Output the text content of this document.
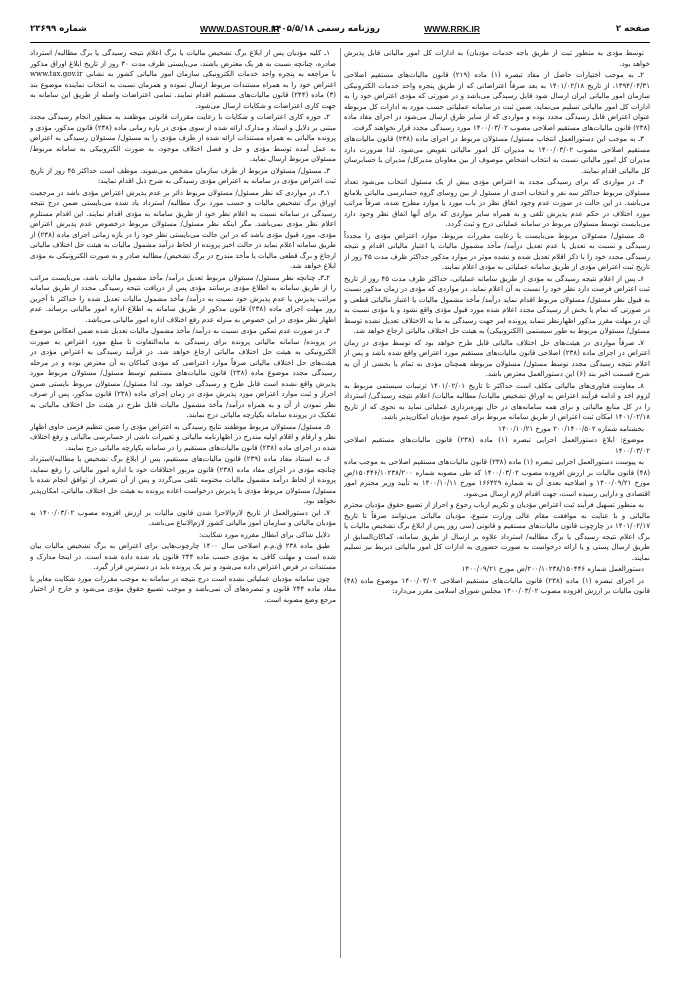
صفحه ۲
WWW.RRK.IR
روزنامه رسمی ۱۴۰۵/۵/۱۸
WWW.DASTOUR.IR
شماره ۲۳۶۹۹

توسط مؤدی به منظور ثبت از طریق باجه خدمات مؤدیان) به ادارات کل امور مالیاتی قابل پذیرش خواهد بود.

۲ـ به موجب اختیارات حاصل از مفاد تبصره (۱) ماده (۲۱۹) قانون مالیات‌های مستقیم اصلاحی ۱۳۹۴/۰۴/۳۱، از تاریخ ۱۴۰۱/۰۲/۱۸ به بعد صرفاً اعتراضاتی که از طریق پنجره واحد خدمات الکترونیکی سازمان امور مالیاتی ایران ارسال شود قابل رسیدگی می‌باشد و در صورتی که مؤدی اعتراض خود را به ادارات کل امور مالیاتی تسلیم می‌نماید، ضمن ثبت در سامانه عملیاتی حسب مورد به ادارات کل مربوطه عنوان اعتراض قابل رسیدگی مجدد بوده و مواردی که از سایر طرق ارسال می‌شود در اجرای مقاد ماده (۲۳۸) قانون مالیات‌های مستقیم اصلاحی مصوب ۱۴۰۰/۰۳/۰۲ مورد رسیدگی مجدد قرار نخواهند گرفت.

۳ـ به موجب این دستورالعمل انتخاب مسئول/ مسئولان مربوط در اجرای ماده (۲۳۸) قانون مالیات‌های مستقیم اصلاحی مصوب ۱۴۰۰/۰۳/۰۲ به مدیران کل امور مالیاتی تفویض می‌شود. لذا ضرورت دارد مدیران کل امور مالیاتی نسبت به انتخاب اشخاص موصوف از بین معاونان مدیرکل/ مدیران یا حسابرسان کل مالیاتی اقدام نمایند.

۴ـ در مواردی که برای رسیدگی مجدد به اعتراض مؤدی بیش از یک مسئول انتخاب می‌شود تعداد مسئولان مربوط حداکثر سه نفر و انتخاب احدی از مسئول از بین روسای گروه حسابرسی مالیاتی بلامانع می‌باشد. در این حالت در صورت عدم وجود اتفاق نظر در باب مورد یا موارد مطرح شده، صرفاً مراتب مورد اختلاف در حکم عدم پذیرش تلقی و به همراه سایر مواردی که برای آنها اتفاق نظر وجود دارد می‌بایست توسط مسئولان مربوط در سامانه عملیاتی درج و ثبت گردد.

۵ـ مسئول/ مسئولان مربوط می‌بایست با رعایت مقررات مربوط، موارد اعتراض مؤدی را مجدداً رسیدگی و نسبت به تعدیل یا عدم تعدیل درآمد/ مأخذ مشمول مالیات یا اعتبار مالیاتی اقدام و نتیجه رسیدگی مجدد خود را با ذکر اقلام تعدیل شده و نشده موثر در موارد مذکور حداکثر ظرف مدت ۴۵ روز از تاریخ ثبت اعتراض مؤدی از طریق سامانه عملیاتی به مؤدی اعلام نمایند.

۶ـ پس از اعلام نتیجه رسیدگی به مؤدی از طریق سامانه عملیاتی، حداکثر ظرف مدت ۴۵ روز از تاریخ ثبت اعتراض فرصت دارد نظر خود را نسبت به آن اعلام نماید. در مواردی که مؤدی در زمان مذکور نسبت به قبول نظر مسئول/ مسئولان مربوط اقدام نماید درآمد/ مأخذ مشمول مالیات یا اعتبار مالیاتی قطعی و در صورتی که تمام یا بخش از رسیدگی مجدد اعلام شده مورد قبول مؤدی واقع نشود و یا مؤدی نسبت به آن در مهلت مقرر مذکور اظهارنظر ننماید پرونده امر جهت رسیدگی به ما به الاختلاف تعدیل نشده توسط مسئول/ مسئولان مربوط به طور سیستمی (الکترونیکی) به هیئت حل اختلاف مالیاتی ارجاع خواهد شد.

۷ـ صرفاً مواردی در هیئت‌های حل اختلاف مالیاتی قابل طرح خواهد بود که توسط مؤدی در زمان اعتراض در اجرای ماده (۲۳۸) اصلاحی قانون مالیات‌های مستقیم مورد اعتراض واقع شده باشد و پس از اعلام نتیجه رسیدگی مجدد توسط مسئول/ مسئولان مربوطه همچنان مؤدی به تمام یا بخشی از آن به شرح قسمت اخیر بند (۶) این دستورالعمل معترض باشد.

۸ـ معاونت فناوری‌های مالیاتی مکلف است حداکثر تا تاریخ ۱۴۰۱/۰۲/۰۱ ترتیبات سیستمی مربوط به لزوم اخذ و ادامه فرآیند اعتراض به اوراق تشخیص مالیات/ مطالبه مالیات/ اعلام نتیجه رسیدگی/ استرداد را در کل منابع مالیاتی و برای همه سامانه‌های در حال بهره‌برداری عملیاتی نماید به نحوی که از تاریخ ۱۴۰۱/۰۲/۱۸ امکان ثبت اعتراض از طریق سامانه مربوط برای عموم مؤدیان امکان‌پذیر باشد.

بخشنامه شماره ۲۰۰/۱۴۰۰/۵۰۲ مورخ ۱۴۰۰/۱۰/۲۱

موضوع: ابلاغ دستورالعمل اجرایی تبصره (۱) ماده (۲۳۸) قانون مالیات‌های مستقیم اصلاحی ۱۴۰۰/۰۳/۰۲

به پیوست دستورالعمل اجرایی تبصره (۱) ماده (۲۳۸) قانون مالیات‌های مستقیم اصلاحی به موجب ماده (۴۸) قانون مالیات بر ارزش افزوده مصوب ۱۴۰۰/۰۳/۰۲ که طی مصوبه شماره ۱۵۰۴۴۶/۱۰۲۳۸/۲۰۰/ص مورخ ۱۴۰۰/۰۹/۲۱ و اصلاحیه بعدی آن به شماره ۱۶۶۴۲۹ مورخ ۱۴۰۰/۱۰/۱۱ به تأیید وزیر محترم امور اقتصادی و دارایی رسیده است، جهت اقدام لازم ارسال می‌شود.

به منظور تسهیل فرآیند ثبت اعتراض مؤدیان و تکریم ارباب رجوع و احراز از تضییع حقوق مؤدیان محترم مالیاتی و با عنایت به موافقت مقام عالی وزارت متبوع، مؤدیان مالیاتی می‌توانند صرفاً تا تاریخ ۱۴۰۱/۰۲/۱۷ در چارچوب قانون مالیات‌های مستقیم و قانونی (سی روز پس از ابلاغ برگ تشخیص مالیات یا برگ اعلام نتیجه رسیدگی یا برگ مطالبه/ استرداد علاوه بر ارسال از طریق سامانه، کماکان‌السابق از طریق ارسال پستی و یا ارائه درخواست به صورت حضوری به ادارات کل امور مالیاتی ذیربط نیز تسلیم نمایند.

دستورالعمل شماره ۲۰۰/۱۰۲۳۸/۱۵۰۴۴۶/ص مورخ ۱۴۰۰/۰۹/۲۱

در اجرای تبصره (۱) ماده (۲۳۸) قانون مالیات‌های مستقیم اصلاحی ۱۴۰۰/۰۳/۰۲ موضوع ماده (۴۸) قانون مالیات بر ارزش افزوده مصوب ۱۴۰۰/۰۳/۰۲ مجلس شورای اسلامی مقرر می‌دارد:

۱ـ کلیه مؤدیان پس از ابلاغ برگ تشخیص مالیات یا برگ اعلام نتیجه رسیدگی یا برگ مطالبه/ استرداد صادره، چنانچه نسبت به هر یک معترض باشند، می‌بایستی ظرف مدت ۳۰ روز از تاریخ ابلاغ اوراق مذکور با مراجعه به پنجره واحد خدمات الکترونیکی سازمان امور مالیاتی کشور به نشانی www.tax.gov.ir اعتراض خود را به همراه مستندات مربوط ارسال نموده و همزمان نسبت به انتخاب نماینده موضوع بند (۳) ماده (۲۴۴) قانون مالیات‌های مستقیم اقدام نمایند. تمامی اعتراضات واصله از طریق این سامانه به جهت کاری اعتراضات و شکایات ارسال می‌شود.

۲ـ حوزه کاری اعتراضات و شکایات با رعایت مقررات قانونی موظفند به منظور انجام رسیدگی مجدد مبتنی بر دلایل و اسناد و مدارک ارائه شده از سوی مؤدی در بازه زمانی ماده (۲۳۸) قانون مذکور، مؤدی و پرونده مالیاتی به همراه مستندات ارائه شده از طرف مؤدی را به مسئول/ مسئولان رسیدگی به اعتراض به عمل آمده توسط مؤدی و حل و فصل اختلاف موجود، به صورت الکترونیکی به سامانه مربوط/ مسئولان مربوط ارسال نماید.

۳ـ مسئول/ مسئولان مربوط از طرف سازمان مشخص می‌شوند. موظف است حداکثر ۴۵ روز از تاریخ ثبت اعتراض مؤدی در سامانه به اعتراض مؤدی رسیدگی به شرح ذیل اقدام نمایند:

۱ـ۳ـ در مواردی که نظر مسئول/ مسئولان مربوط دائر بر عدم پذیرش اعتراض مؤدی باشد در مرجعیت اوراق برگ تشخیص مالیات و حسب مورد برگ مطالبه/ استرداد یاد شده می‌بایستی ضمن درج نتیجه رسیدگی در سامانه نسبت به اعلام نظر خود از طریق سامانه به مؤدی اقدام نمایند. این اقدام مستلزم اعلام نظر مؤدی نمی‌باشد. مگر اینکه نظر مسئول/ مسئولان مربوط درخصوص عدم پذیرش اعتراض مؤدی، مورد قبول مؤدی باشد که در این حالت می‌بایستی نظر خود را در بازه زمانی اجرای ماده (۲۳۸) از طریق سامانه اعلام نماید در حالت اخیر پرونده از لحاظ درآمد مشمول مالیات به هیئت حل اختلاف مالیاتی ارجاع و برگ قطعی مالیات یا مأخذ مندرج در برگ تشخیص/ مطالبه صادر و به صورت الکترونیکی به مؤدی ابلاغ خواهد شد.

۲ـ۳ـ چنانچه نظر مسئول/ مسئولان مربوط تعدیل درآمد/ مأخذ مشمول مالیات باشد، می‌بایست مراتب را از طریق سامانه به اطلاع مؤدی برسانند مؤدی پس از دریافت نتیجه رسیدگی مجدد از طریق سامانه مراتب پذیرش یا عدم پذیرش خود نسبت به درآمد/ مأخذ مشمول مالیات تعدیل شده را حداکثر تا آخرین روز مهلت اجرای ماده (۲۳۸) قانون مذکور از طریق سامانه به اطلاع اداره امور مالیاتی برساند. عدم اظهار نظر مؤدی در این خصوص به منزله عدم رفع اختلاف اداره امور مالیاتی می‌باشد.

۴ـ در صورت عدم تمکین مؤدی نسبت به درآمد/ مأخذ مشمول مالیات تعدیل شده ضمن انعکاس موضوع در پرونده/ سامانه مالیاتی پرونده برای رسیدگی به ما‌به‌التفاوت تا مبلغ مورد اعتراض به صورت الکترونیکی به هیئت حل اختلاف مالیاتی ارجاع خواهد شد. در فرآیند رسیدگی به اعتراض مؤدی در هیئت‌های حل اختلاف مالیاتی صرفاً موارد اعتراضی که مؤدی کماکان به آن معترض بوده و در مرحله رسیدگی مجدد موضوع ماده (۲۳۸) قانون مالیات‌های مستقیم توسط مسئول/ مسئولان مربوط مورد پذیرش واقع نشده است قابل طرح و رسیدگی خواهد بود. لذا مسئول/ مسئولان مربوط بایستی ضمن احراز و ثبت موارد اعتراض مورد پذیرش مؤدی در زمان اجرای ماده (۲۳۸) قانون مذکور، پس از صرف نظر نمودن از آن و به همراه درآمد/ مأخذ مشمول مالیات قابل طرح در هیئت حل اختلاف مالیاتی به تفکیک در پرونده سامانه یکپارچه مالیاتی درج نمایند.

۵ـ مسئول/ مسئولان مربوط موظفند نتایج رسیدگی به اعتراض مؤدی را ضمن تنظیم فرمی حاوی اظهار نظر و ارقام و اقلام اولیه مندرج در اظهارنامه مالیاتی و تغییرات ناشی از حسابرسی مالیاتی و رفع اختلاف شده در اجرای ماده (۲۳۸) قانون مالیات‌های مستقیم را در سامانه یکپارچه مالیاتی درج نمایند.

۶ـ به استناد مفاد ماده (۲۳۹) قانون مالیات‌های مستقیم، پس از ابلاغ برگ تشخیص یا مطالبه/استرداد چنانچه مؤدی در اجرای مفاد ماده (۲۳۸) قانون مزبور اختلافات خود با اداره امور مالیاتی را رفع ننماید، پرونده از لحاظ درآمد مشمول مالیات مختومه تلقی می‌گردد و پس از آن تصرف از توافق انجام شده با مسئول/ مسئولان مربوط مؤدی با پذیرش درخواست اعاده پرونده به هیئت حل اختلاف مالیاتی، امکان‌پذیر نخواهد بود.

۷ـ این دستورالعمل از تاریخ لازم‌الاجرا شدن قانون مالیات بر ارزش افزوده مصوب ۱۴۰۰/۰۳/۰۲ به مؤدیان مالیاتی و سازمان امور مالیاتی کشور لازم‌الاتباع می‌باشد.

دلایل شاکی برای ابطال مقرره مورد شکایت:

طبق ماده ۲۳۸ ق.م.م اصلاحی سال ۱۴۰۰ چارچوب‌هایی برای اعتراض به برگ تشخیص مالیات بیان شده است و مهلت کافی به مؤدی حسب ماده ۲۴۴ قانون یاد شده داده شده است. در اینجا مدارک و مستندات در فرض اعتراض داده می‌شود و نیز یک پرونده باید در دسترس قرار گیرد.

چون سامانه مؤدیان عملیاتی نشده است درج نتیجه در سامانه به موجب مقررات مورد شکایت مغایر با مفاد ماده ۲۴۴ قانون و تبصره‌های آن نمی‌باشد و موجب تضییع حقوق مؤدی می‌شود و خارج از اختیار مرجع وضع مصوبه است.
